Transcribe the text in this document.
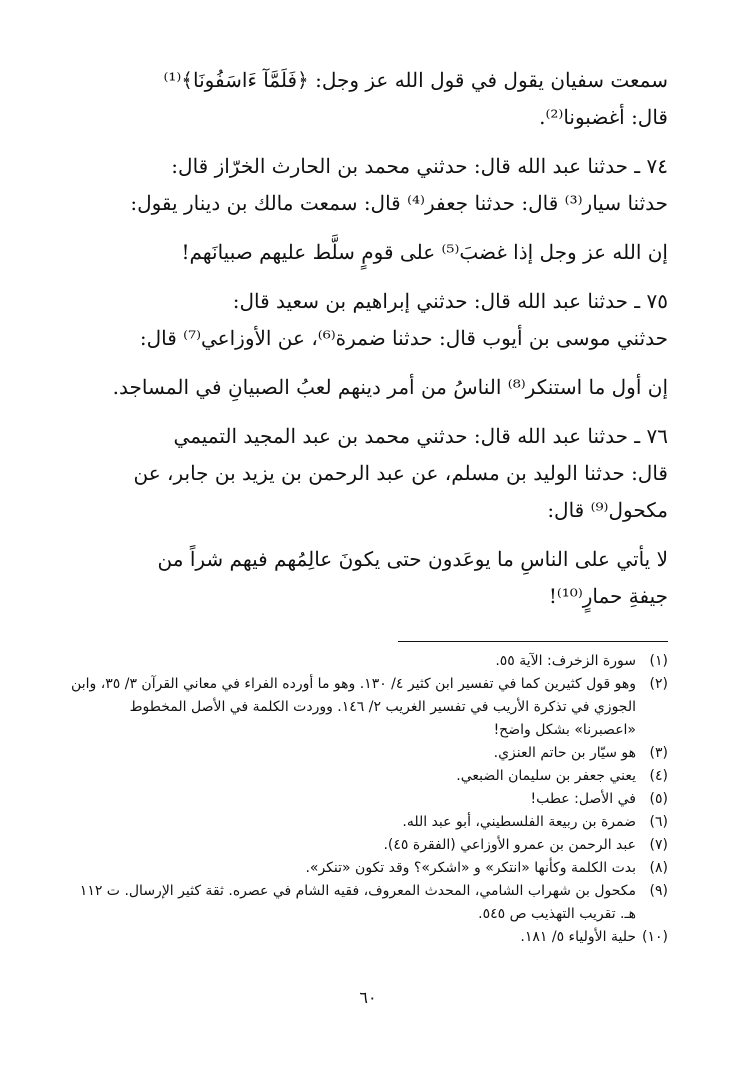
سمعت سفيان يقول في قول الله عز وجل: ﴿فَلَمَّآ ءَاسَفُونَا﴾⁽¹⁾
قال: أغضبونا⁽²⁾.
٧٤ ـ حدثنا عبد الله قال: حدثني محمد بن الحارث الخرّاز قال:
حدثنا سيار⁽³⁾ قال: حدثنا جعفر⁽⁴⁾ قال: سمعت مالك بن دينار يقول:
إن الله عز وجل إذا غضبَ⁽⁵⁾ على قومٍ سلَّط عليهم صبيانَهم!
٧٥ ـ حدثنا عبد الله قال: حدثني إبراهيم بن سعيد قال:
حدثني موسى بن أيوب قال: حدثنا ضمرة⁽⁶⁾، عن الأوزاعي⁽⁷⁾ قال:
إن أول ما استنكر⁽⁸⁾ الناسُ من أمر دينهم لعبُ الصبيانِ في المساجد.
٧٦ ـ حدثنا عبد الله قال: حدثني محمد بن عبد المجيد التميمي
قال: حدثنا الوليد بن مسلم، عن عبد الرحمن بن يزيد بن جابر، عن
مكحول⁽⁹⁾ قال:
لا يأتي على الناسِ ما يوعَدون حتى يكونَ عالِمُهم فيهم شراً من
جيفةِ حمارٍ⁽¹⁰⁾!
(١)
سورة الزخرف: الآية ٥٥.
(٢)
وهو قول كثيرين كما في تفسير ابن كثير ٤/ ١٣٠. وهو ما أورده الفراء في معاني القرآن ٣/ ٣٥، وابن الجوزي في تذكرة الأريب في تفسير الغريب ٢/ ١٤٦. ووردت الكلمة في الأصل المخطوط «اعصبرنا» بشكل واضح!
(٣)
هو سيّار بن حاتم العنزي.
(٤)
يعني جعفر بن سليمان الضبعي.
(٥)
في الأصل: عطب!
(٦)
ضمرة بن ربيعة الفلسطيني، أبو عبد الله.
(٧)
عبد الرحمن بن عمرو الأوزاعي (الفقرة ٤٥).
(٨)
بدت الكلمة وكأنها «انتكر» و «اشكر»؟ وقد تكون «تنكر».
(٩)
مكحول بن شهراب الشامي، المحدث المعروف، فقيه الشام في عصره. ثقة كثير الإرسال. ت ١١٢ هـ. تقريب التهذيب ص ٥٤٥.
(١٠)
حلية الأولياء ٥/ ١٨١.
٦٠
